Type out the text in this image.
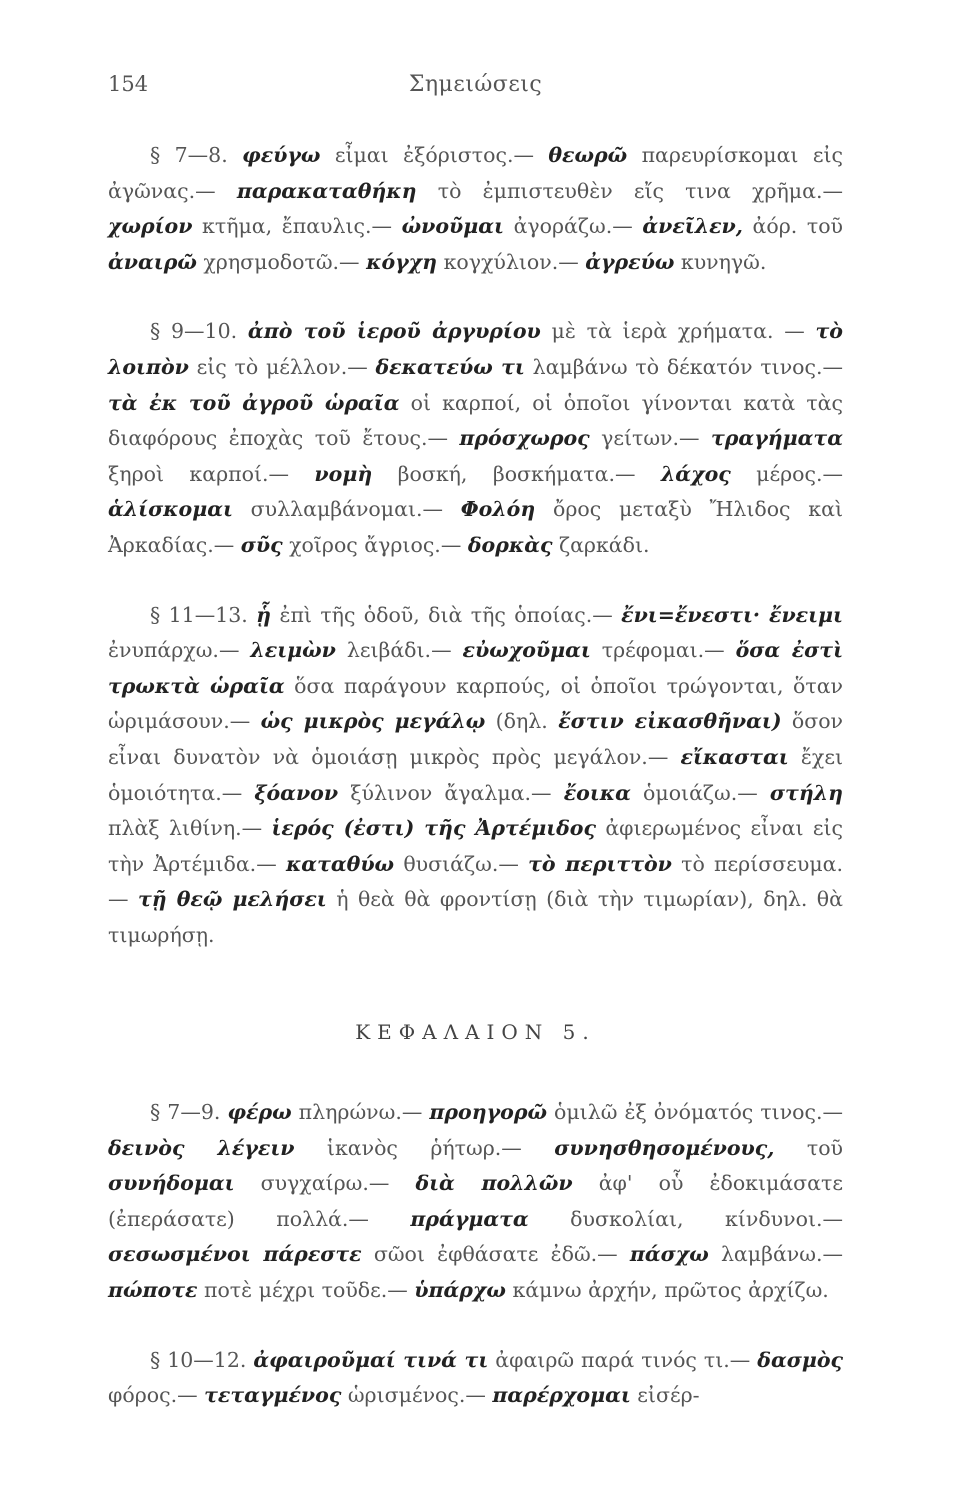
154	Σημειώσεις

§ 7—8. φεύγω εἶμαι ἐξόριστος.— θεωρῶ παρευρίσκομαι εἰς ἀγῶνας.— παρακαταθήκη τὸ ἐμπιστευθὲν εἴς τινα χρῆμα.— χωρίον κτῆμα, ἔπαυλις.— ὠνοῦμαι ἀγοράζω.— ἀνεῖλεν, ἀόρ. τοῦ ἀναιρῶ χρησμοδοτῶ.— κόγχη κογχύλιον.— ἀγρεύω κυνηγῶ.

§ 9—10. ἀπὸ τοῦ ἱεροῦ ἀργυρίου μὲ τὰ ἱερὰ χρήματα. — τὸ λοιπὸν εἰς τὸ μέλλον.— δεκατεύω τι λαμβάνω τὸ δέκατόν τινος.— τὰ ἐκ τοῦ ἀγροῦ ὡραῖα οἱ καρποί, οἱ ὁποῖοι γίνονται κατὰ τὰς διαφόρους ἐποχὰς τοῦ ἔτους.— πρόσχωρος γείτων.— τραγήματα ξηροὶ καρποί.— νομὴ βοσκή, βοσκήματα.— λάχος μέρος.— ἁλίσκομαι συλλαμβάνομαι.— Φολόη ὄρος μεταξὺ Ἤλιδος καὶ Ἀρκαδίας.— σῦς χοῖρος ἄγριος.— δορκὰς ζαρκάδι.

§ 11—13. ᾗ ἐπὶ τῆς ὁδοῦ, διὰ τῆς ὁποίας.— ἔνι=ἔνεστι· ἔνειμι ἐνυπάρχω.— λειμὼν λειβάδι.— εὐωχοῦμαι τρέφομαι.— ὅσα ἐστὶ τρωκτὰ ὡραῖα ὅσα παράγουν καρπούς, οἱ ὁποῖοι τρώγονται, ὅταν ὡριμάσουν.— ὡς μικρὸς μεγάλῳ (δηλ. ἔστιν εἰκασθῆναι) ὅσον εἶναι δυνατὸν νὰ ὁμοιάσῃ μικρὸς πρὸς μεγάλον.— εἴκασται ἔχει ὁμοιότητα.— ξόανον ξύλινον ἄγαλμα.— ἔοικα ὁμοιάζω.— στήλη πλὰξ λιθίνη.— ἱερός (ἐστι) τῆς Ἀρτέμιδος ἀφιερωμένος εἶναι εἰς τὴν Ἀρτέμιδα.— καταθύω θυσιάζω.— τὸ περιττὸν τὸ περίσσευμα.— τῇ θεῷ μελήσει ἡ θεὰ θὰ φροντίσῃ (διὰ τὴν τιμωρίαν), δηλ. θὰ τιμωρήσῃ.

ΚΕΦΑΛΑΙΟΝ 5.

§ 7—9. φέρω πληρώνω.— προηγορῶ ὁμιλῶ ἐξ ὀνόματός τινος.— δεινὸς λέγειν ἱκανὸς ῥήτωρ.— συνησθησομένους, τοῦ συνήδομαι συγχαίρω.— διὰ πολλῶν ἀφ' οὗ ἐδοκιμάσατε (ἐπεράσατε) πολλά.— πράγματα δυσκολίαι, κίνδυνοι.— σεσωσμένοι πάρεστε σῶοι ἐφθάσατε ἐδῶ.— πάσχω λαμβάνω.— πώποτε ποτὲ μέχρι τοῦδε.— ὑπάρχω κάμνω ἀρχήν, πρῶτος ἀρχίζω.

§ 10—12. ἀφαιροῦμαί τινά τι ἀφαιρῶ παρά τινός τι.— δασμὸς φόρος.— τεταγμένος ὡρισμένος.— παρέρχομαι εἰσέρ-
